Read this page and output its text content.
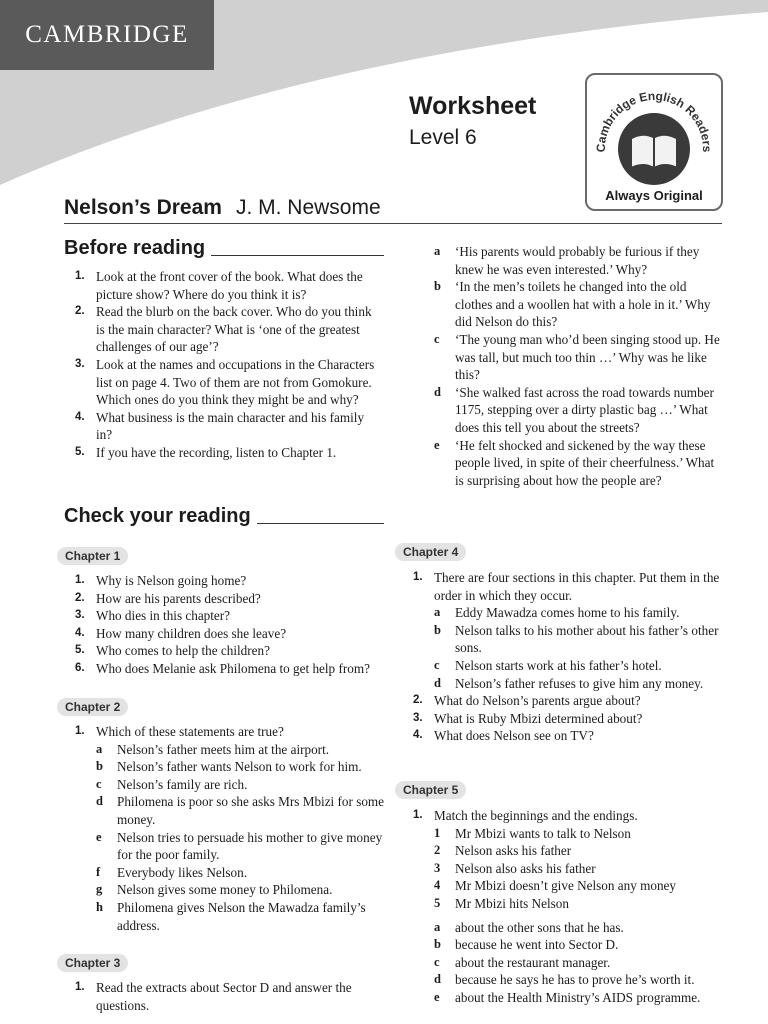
CAMBRIDGE
Worksheet
Level 6	Cambridge English Readers
Always Original
Nelson’s Dream J. M. Newsome
Before reading
1. Look at the front cover of the book. What does the picture show? Where do you think it is?
2. Read the blurb on the back cover. Who do you think is the main character? What is ‘one of the greatest challenges of our age’?
3. Look at the names and occupations in the Characters list on page 4. Two of them are not from Gomokure. Which ones do you think they might be and why?
4. What business is the main character and his family in?
5. If you have the recording, listen to Chapter 1.
Check your reading
Chapter 1
1. Why is Nelson going home?
2. How are his parents described?
3. Who dies in this chapter?
4. How many children does she leave?
5. Who comes to help the children?
6. Who does Melanie ask Philomena to get help from?
Chapter 2
1. Which of these statements are true?
a	Nelson’s father meets him at the airport.
b	Nelson’s father wants Nelson to work for him.
c	Nelson’s family are rich.
d	Philomena is poor so she asks Mrs Mbizi for some money.
e	Nelson tries to persuade his mother to give money for the poor family.
f	Everybody likes Nelson.
g	Nelson gives some money to Philomena.
h	Philomena gives Nelson the Mawadza family’s address.
Chapter 3
1. Read the extracts about Sector D and answer the questions.
a	‘His parents would probably be furious if they knew he was even interested.’ Why?
b	‘In the men’s toilets he changed into the old clothes and a woollen hat with a hole in it.’ Why did Nelson do this?
c	‘The young man who’d been singing stood up. He was tall, but much too thin …’ Why was he like this?
d	‘She walked fast across the road towards number 1175, stepping over a dirty plastic bag …’ What does this tell you about the streets?
e	‘He felt shocked and sickened by the way these people lived, in spite of their cheerfulness.’ What is surprising about how the people are?
Chapter 4
1. There are four sections in this chapter. Put them in the order in which they occur.
a	Eddy Mawadza comes home to his family.
b	Nelson talks to his mother about his father’s other sons.
c	Nelson starts work at his father’s hotel.
d	Nelson’s father refuses to give him any money.
2. What do Nelson’s parents argue about?
3. What is Ruby Mbizi determined about?
4. What does Nelson see on TV?
Chapter 5
1. Match the beginnings and the endings.
1	Mr Mbizi wants to talk to Nelson
2	Nelson asks his father
3	Nelson also asks his father
4	Mr Mbizi doesn’t give Nelson any money
5	Mr Mbizi hits Nelson
a	about the other sons that he has.
b	because he went into Sector D.
c	about the restaurant manager.
d	because he says he has to prove he’s worth it.
e	about the Health Ministry’s AIDS programme.
